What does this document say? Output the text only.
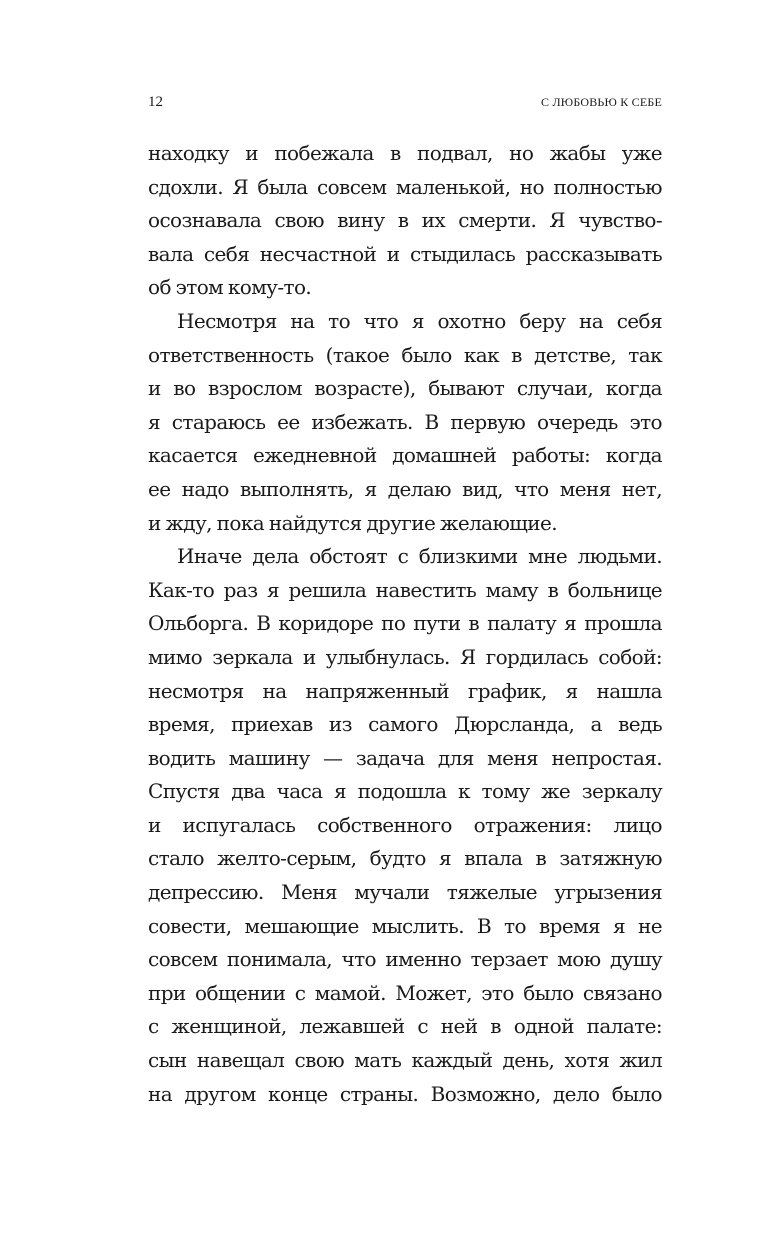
12	С ЛЮБОВЬЮ К СЕБЕ
находку и побежала в подвал, но жабы уже
сдохли. Я была совсем маленькой, но полностью
осознавала свою вину в их смерти. Я чувство-
вала себя несчастной и стыдилась рассказывать
об этом кому-то.
Несмотря на то что я охотно беру на себя
ответственность (такое было как в детстве, так
и во взрослом возрасте), бывают случаи, когда
я стараюсь ее избежать. В первую очередь это
касается ежедневной домашней работы: когда
ее надо выполнять, я делаю вид, что меня нет,
и жду, пока найдутся другие желающие.
Иначе дела обстоят с близкими мне людьми.
Как-то раз я решила навестить маму в больнице
Ольборга. В коридоре по пути в палату я прошла
мимо зеркала и улыбнулась. Я гордилась собой:
несмотря на напряженный график, я нашла
время, приехав из самого Дюрсланда, а ведь
водить машину — задача для меня непростая.
Спустя два часа я подошла к тому же зеркалу
и испугалась собственного отражения: лицо
стало желто-серым, будто я впала в затяжную
депрессию. Меня мучали тяжелые угрызения
совести, мешающие мыслить. В то время я не
совсем понимала, что именно терзает мою душу
при общении с мамой. Может, это было связано
с женщиной, лежавшей с ней в одной палате:
сын навещал свою мать каждый день, хотя жил
на другом конце страны. Возможно, дело было
